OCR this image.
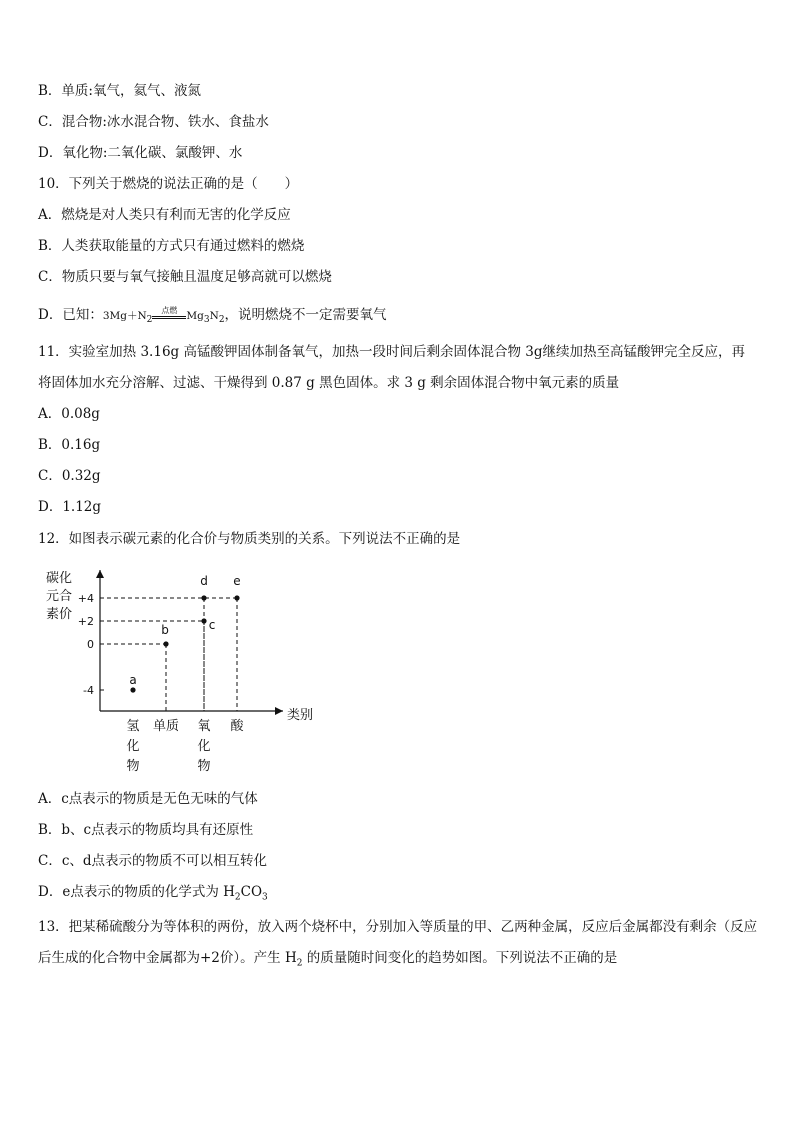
B．单质:氧气，氦气、液氮
C．混合物:冰水混合物、铁水、食盐水
D．氧化物:二氧化碳、氯酸钾、水
10．下列关于燃烧的说法正确的是（　　）
A．燃烧是对人类只有利而无害的化学反应
B．人类获取能量的方式只有通过燃料的燃烧
C．物质只要与氧气接触且温度足够高就可以燃烧
D．已知：$3Mg+N_2^{点燃}$ $Mg_3N_2$，说明燃烧不一定需要氧气
11．实验室加热 3.16g 高锰酸钾固体制备氧气，加热一段时间后剩余固体混合物 3g继续加热至高锰酸钾完全反应，再将固体加水充分溶解、过滤、干燥得到 0.87 g 黑色固体。求 3 g 剩余固体混合物中氧元素的质量
A．0.08g
B．0.16g
C．0.32g
D．1.12g
12．如图表示碳元素的化合价与物质类别的关系。下列说法不正确的是
碳化
元合
素价
类别
+4
+2
0
-4
氢
化
物
单质 氧
化
物
酸
a
b	c
d e
A．c点表示的物质是无色无味的气体
B．b、c点表示的物质均具有还原性
C．c、d点表示的物质不可以相互转化
D．e点表示的物质的化学式为 $H_2CO_3$
13．把某稀硫酸分为等体积的两份，放入两个烧杯中，分别加入等质量的甲、乙两种金属，反应后金属都没有剩余（反应后生成的化合物中金属都为+2价）。产生 $H_2$ 的质量随时间变化的趋势如图。下列说法不正确的是
